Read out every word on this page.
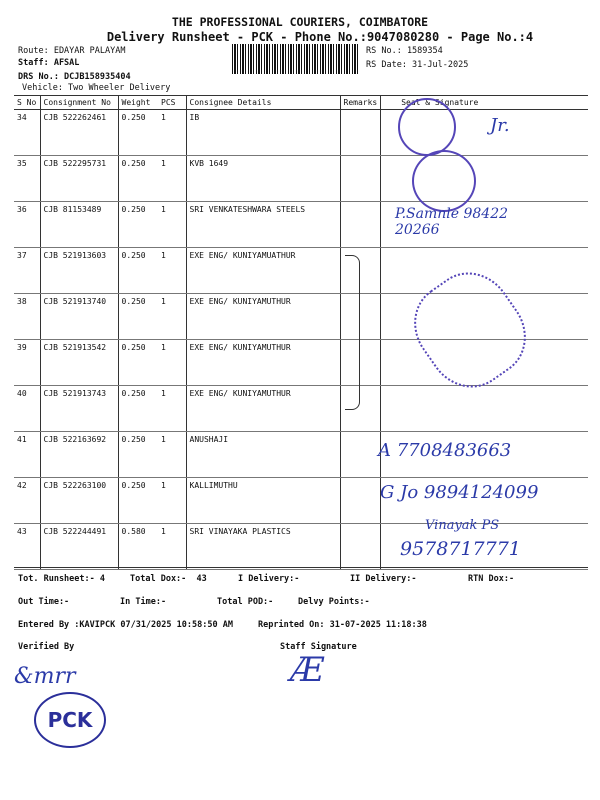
THE PROFESSIONAL COURIERS, COIMBATORE
Delivery Runsheet - PCK - Phone No.:9047080280 - Page No.:4
Route: EDAYAR PALAYAM
Staff: AFSAL
DRS No.: DCJB158935404
Vehicle: Two Wheeler Delivery
RS No.: 1589354
RS Date: 31-Jul-2025
S No	Consignment No	Weight	PCS	Consignee Details	Remarks	Seal & Signature
34	CJB 522262461	0.250	1	IB		
35	CJB 522295731	0.250	1	KVB 1649		
36	CJB 81153489	0.250	1	SRI VENKATESHWARA STEELS		
37	CJB 521913603	0.250	1	EXE ENG/ KUNIYAMUATHUR		
38	CJB 521913740	0.250	1	EXE ENG/ KUNIYAMUTHUR		
39	CJB 521913542	0.250	1	EXE ENG/ KUNIYAMUTHUR		
40	CJB 521913743	0.250	1	EXE ENG/ KUNIYAMUTHUR		
41	CJB 522163692	0.250	1	ANUSHAJI		
42	CJB 522263100	0.250	1	KALLIMUTHU		
43	CJB 522244491	0.580	1	SRI VINAYAKA PLASTICS		
Jr.
P.Samnle 98422 20266
A 7708483663
G Jo 9894124099
Vinayak PS
9578717771
Tot. Runsheet:- 4	Total Dox:-  43	I Delivery:-	II Delivery:-	RTN Dox:-
Out Time:-	In Time:-	Total POD:-	Delvy Points:-
Entered By :KAVIPCK 07/31/2025 10:58:50 AM	Reprinted On: 31-07-2025 11:18:38
Verified By	Staff Signature
&mrr	Æ
PCK
